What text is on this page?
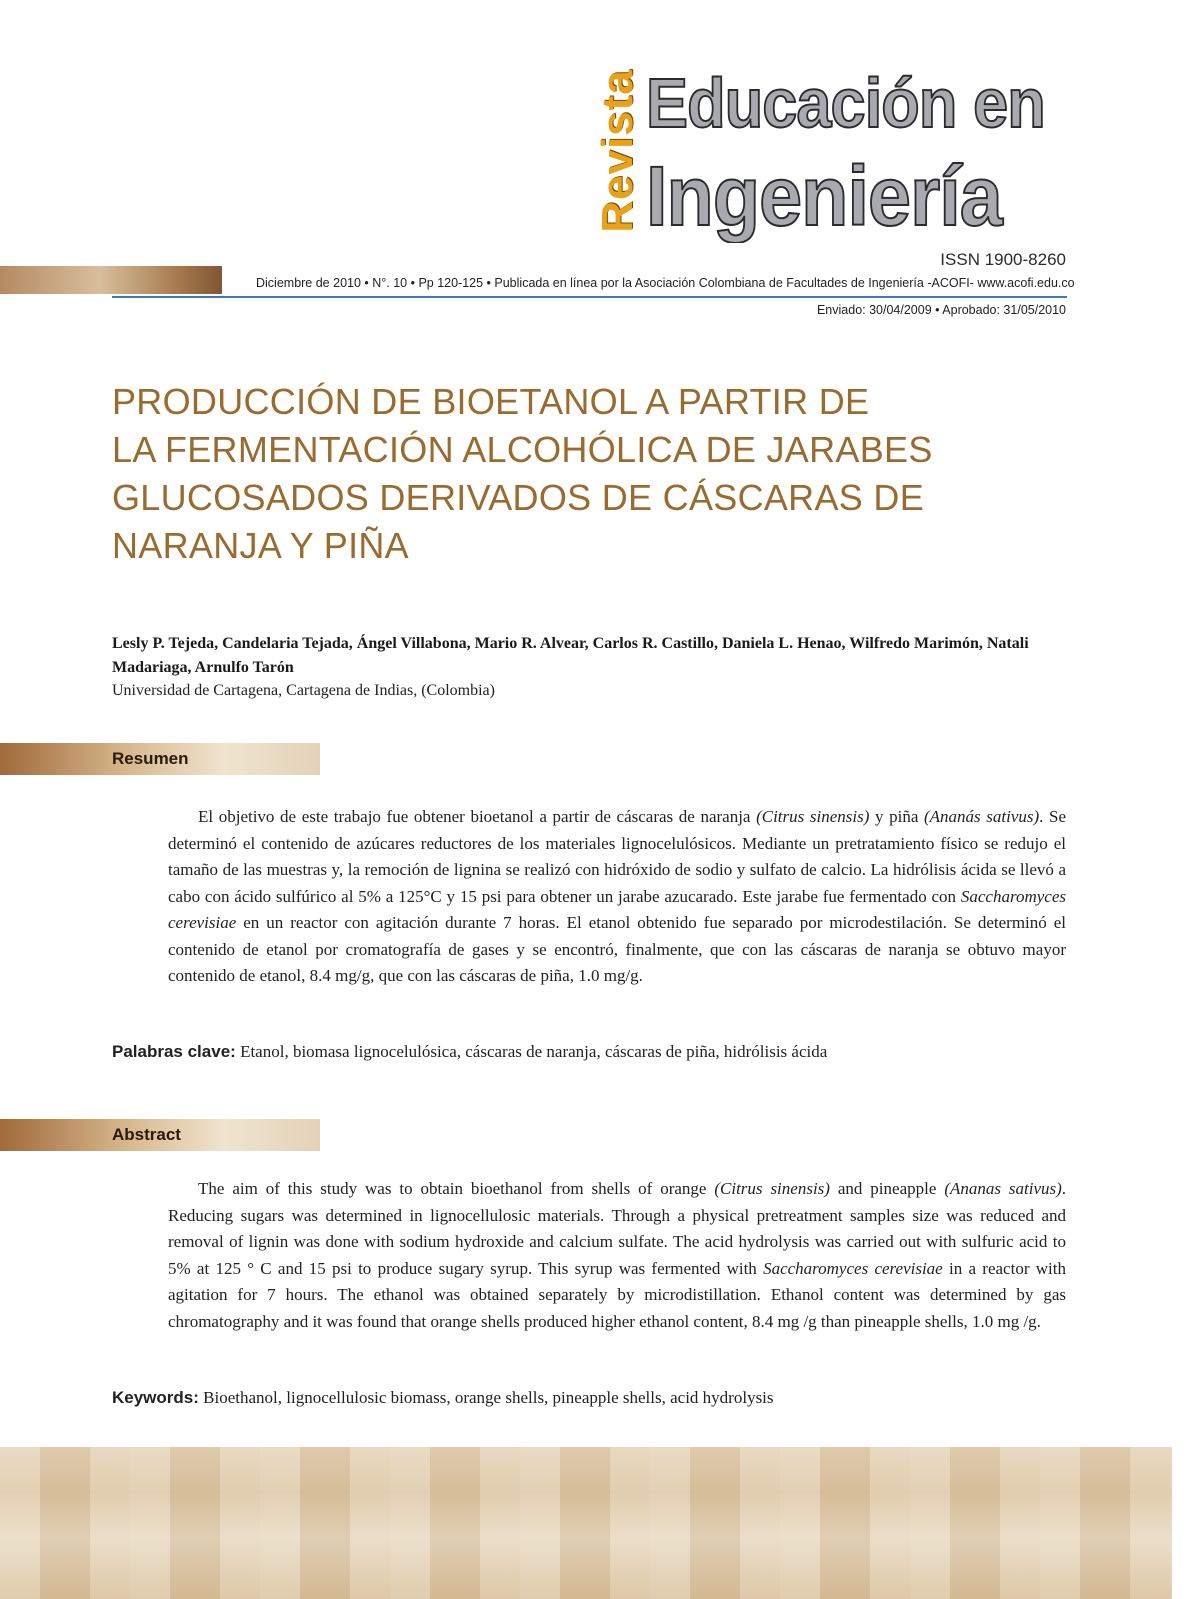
Revista Educación en
Ingeniería
ISSN 1900-8260
Diciembre de 2010 • N°. 10 • Pp 120-125 • Publicada en línea por la Asociación Colombiana de Facultades de Ingeniería -ACOFI- www.acofi.edu.co
Enviado: 30/04/2009 • Aprobado: 31/05/2010
PRODUCCIÓN DE BIOETANOL A PARTIR DE
LA FERMENTACIÓN ALCOHÓLICA DE JARABES
GLUCOSADOS DERIVADOS DE CÁSCARAS DE
NARANJA Y PIÑA
Lesly P. Tejeda, Candelaria Tejada, Ángel Villabona, Mario R. Alvear, Carlos R. Castillo, Daniela L. Henao, Wilfredo Marimón, Natali Madariaga, Arnulfo Tarón
Universidad de Cartagena, Cartagena de Indias, (Colombia)
Resumen

El objetivo de este trabajo fue obtener bioetanol a partir de cáscaras de naranja (Citrus sinensis) y piña (Ananás sativus). Se determinó el contenido de azúcares reductores de los materiales lignocelulósicos. Mediante un pretratamiento físico se redujo el tamaño de las muestras y, la remoción de lignina se realizó con hidróxido de sodio y sulfato de calcio. La hidrólisis ácida se llevó a cabo con ácido sulfúrico al 5% a 125°C y 15 psi para obtener un jarabe azucarado. Este jarabe fue fermentado con Saccharomyces cerevisiae en un reactor con agitación durante 7 horas. El etanol obtenido fue separado por microdestilación. Se determinó el contenido de etanol por cromatografía de gases y se encontró, finalmente, que con las cáscaras de naranja se obtuvo mayor contenido de etanol, 8.4 mg/g, que con las cáscaras de piña, 1.0 mg/g.

Palabras clave: Etanol, biomasa lignocelulósica, cáscaras de naranja, cáscaras de piña, hidrólisis ácida
Abstract

The aim of this study was to obtain bioethanol from shells of orange (Citrus sinensis) and pineapple (Ananas sativus). Reducing sugars was determined in lignocellulosic materials. Through a physical pretreatment samples size was reduced and removal of lignin was done with sodium hydroxide and calcium sulfate. The acid hydrolysis was carried out with sulfuric acid to 5% at 125 ° C and 15 psi to produce sugary syrup. This syrup was fermented with Saccharomyces cerevisiae in a reactor with agitation for 7 hours. The ethanol was obtained separately by microdistillation. Ethanol content was determined by gas chromatography and it was found that orange shells produced higher ethanol content, 8.4 mg /g than pineapple shells, 1.0 mg /g.

Keywords: Bioethanol, lignocellulosic biomass, orange shells, pineapple shells, acid hydrolysis
